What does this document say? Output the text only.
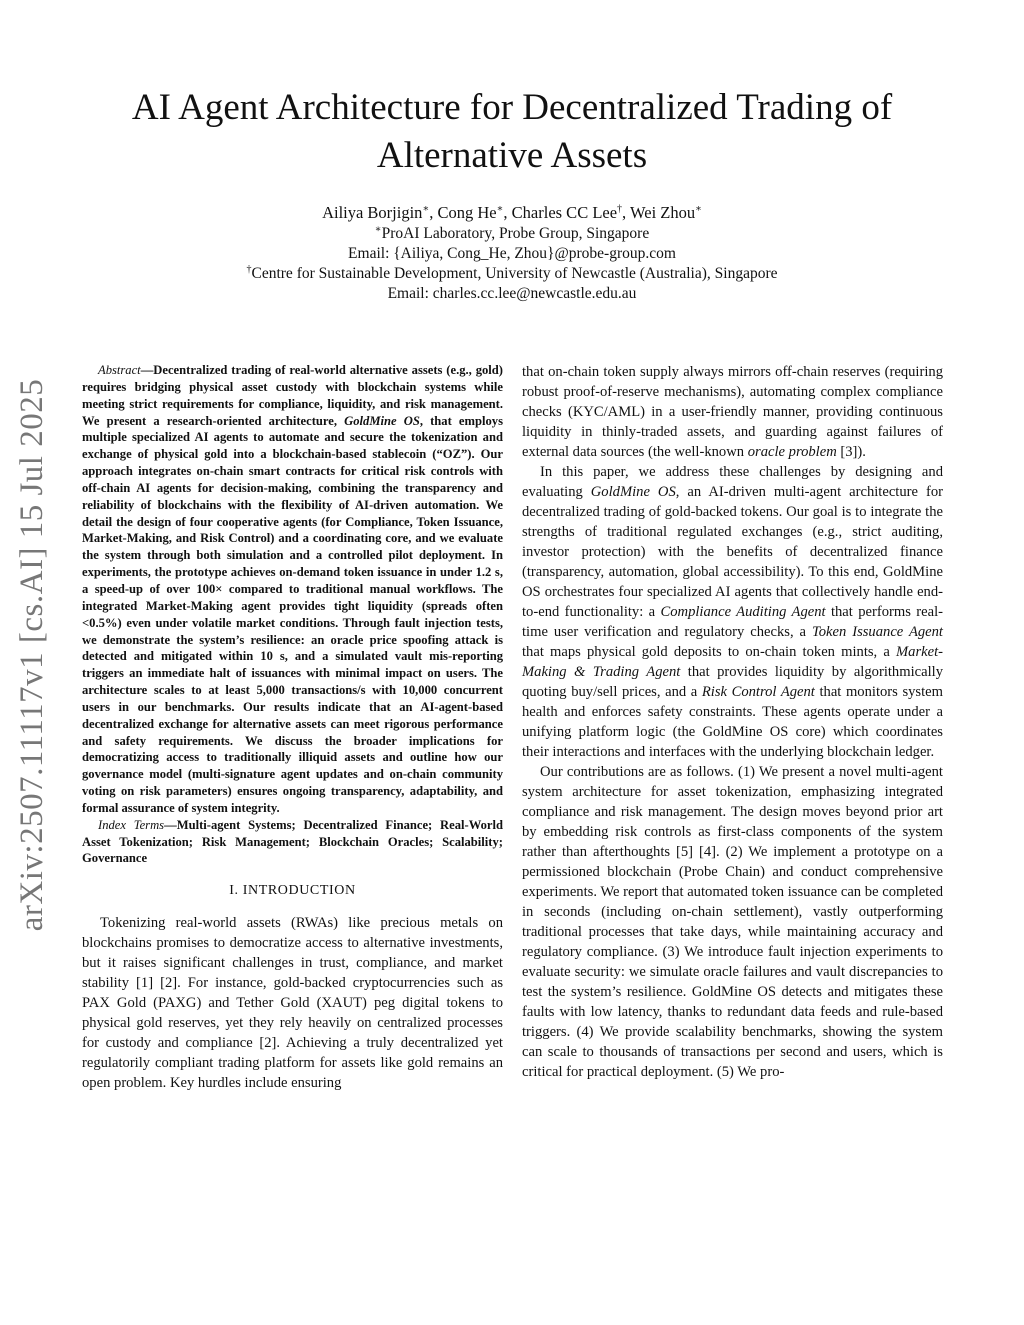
AI Agent Architecture for Decentralized Trading of
Alternative Assets
Ailiya Borjigin∗, Cong He∗, Charles CC Lee†, Wei Zhou∗
∗ProAI Laboratory, Probe Group, Singapore
Email: {Ailiya, Cong_He, Zhou}@probe-group.com
†Centre for Sustainable Development, University of Newcastle (Australia), Singapore
Email: charles.cc.lee@newcastle.edu.au
arXiv:2507.11117v1 [cs.AI] 15 Jul 2025

Abstract—Decentralized trading of real-world alternative assets (e.g., gold) requires bridging physical asset custody with blockchain systems while meeting strict requirements for compliance, liquidity, and risk management. We present a research-oriented architecture, GoldMine OS, that employs multiple specialized AI agents to automate and secure the tokenization and exchange of physical gold into a blockchain-based stablecoin (“OZ”). Our approach integrates on-chain smart contracts for critical risk controls with off-chain AI agents for decision-making, combining the transparency and reliability of blockchains with the flexibility of AI-driven automation. We detail the design of four cooperative agents (for Compliance, Token Issuance, Market-Making, and Risk Control) and a coordinating core, and we evaluate the system through both simulation and a controlled pilot deployment. In experiments, the prototype achieves on-demand token issuance in under 1.2 s, a speed-up of over 100× compared to traditional manual workflows. The integrated Market-Making agent provides tight liquidity (spreads often <0.5%) even under volatile market conditions. Through fault injection tests, we demonstrate the system’s resilience: an oracle price spoofing attack is detected and mitigated within 10 s, and a simulated vault mis-reporting triggers an immediate halt of issuances with minimal impact on users. The architecture scales to at least 5,000 transactions/s with 10,000 concurrent users in our benchmarks. Our results indicate that an AI-agent-based decentralized exchange for alternative assets can meet rigorous performance and safety requirements. We discuss the broader implications for democratizing access to traditionally illiquid assets and outline how our governance model (multi-signature agent updates and on-chain community voting on risk parameters) ensures ongoing transparency, adaptability, and formal assurance of system integrity.

Index Terms—Multi-agent Systems; Decentralized Finance; Real-World Asset Tokenization; Risk Management; Blockchain Oracles; Scalability; Governance

I. INTRODUCTION

Tokenizing real-world assets (RWAs) like precious metals on blockchains promises to democratize access to alternative investments, but it raises significant challenges in trust, compliance, and market stability [1] [2]. For instance, gold-backed cryptocurrencies such as PAX Gold (PAXG) and Tether Gold (XAUT) peg digital tokens to physical gold reserves, yet they rely heavily on centralized processes for custody and compliance [2]. Achieving a truly decentralized yet regulatorily compliant trading platform for assets like gold remains an open problem. Key hurdles include ensuring

that on-chain token supply always mirrors off-chain reserves (requiring robust proof-of-reserve mechanisms), automating complex compliance checks (KYC/AML) in a user-friendly manner, providing continuous liquidity in thinly-traded assets, and guarding against failures of external data sources (the well-known oracle problem [3]).

In this paper, we address these challenges by designing and evaluating GoldMine OS, an AI-driven multi-agent architecture for decentralized trading of gold-backed tokens. Our goal is to integrate the strengths of traditional regulated exchanges (e.g., strict auditing, investor protection) with the benefits of decentralized finance (transparency, automation, global accessibility). To this end, GoldMine OS orchestrates four specialized AI agents that collectively handle end-to-end functionality: a Compliance Auditing Agent that performs real-time user verification and regulatory checks, a Token Issuance Agent that maps physical gold deposits to on-chain token mints, a Market-Making & Trading Agent that provides liquidity by algorithmically quoting buy/sell prices, and a Risk Control Agent that monitors system health and enforces safety constraints. These agents operate under a unifying platform logic (the GoldMine OS core) which coordinates their interactions and interfaces with the underlying blockchain ledger.

Our contributions are as follows. (1) We present a novel multi-agent system architecture for asset tokenization, emphasizing integrated compliance and risk management. The design moves beyond prior art by embedding risk controls as first-class components of the system rather than afterthoughts [5] [4]. (2) We implement a prototype on a permissioned blockchain (Probe Chain) and conduct comprehensive experiments. We report that automated token issuance can be completed in seconds (including on-chain settlement), vastly outperforming traditional processes that take days, while maintaining accuracy and regulatory compliance. (3) We introduce fault injection experiments to evaluate security: we simulate oracle failures and vault discrepancies to test the system’s resilience. GoldMine OS detects and mitigates these faults with low latency, thanks to redundant data feeds and rule-based triggers. (4) We provide scalability benchmarks, showing the system can scale to thousands of transactions per second and users, which is critical for practical deployment. (5) We pro-
